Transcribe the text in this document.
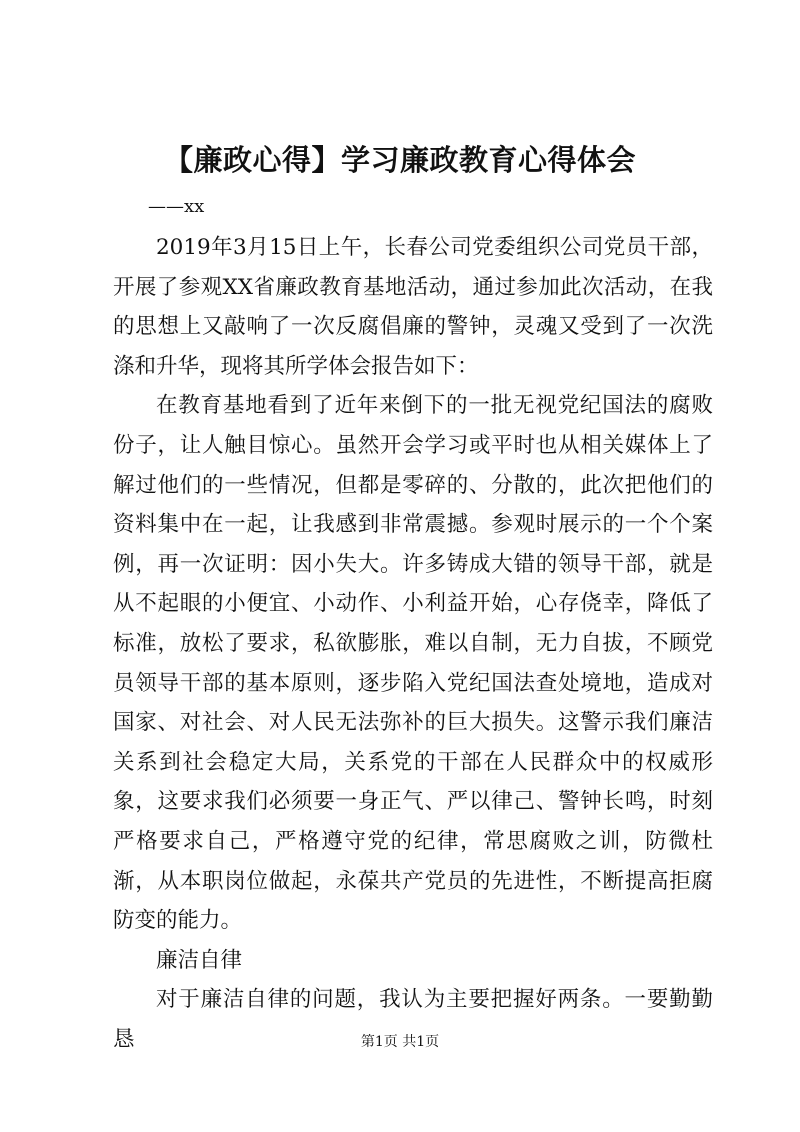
【廉政心得】学习廉政教育心得体会
——xx

2019年3月15日上午，长春公司党委组织公司党员干部，开展了参观XX省廉政教育基地活动，通过参加此次活动，在我的思想上又敲响了一次反腐倡廉的警钟，灵魂又受到了一次洗涤和升华，现将其所学体会报告如下：

在教育基地看到了近年来倒下的一批无视党纪国法的腐败份子，让人触目惊心。虽然开会学习或平时也从相关媒体上了解过他们的一些情况，但都是零碎的、分散的，此次把他们的资料集中在一起，让我感到非常震撼。参观时展示的一个个案例，再一次证明：因小失大。许多铸成大错的领导干部，就是从不起眼的小便宜、小动作、小利益开始，心存侥幸，降低了标准，放松了要求，私欲膨胀，难以自制，无力自拔，不顾党员领导干部的基本原则，逐步陷入党纪国法查处境地，造成对国家、对社会、对人民无法弥补的巨大损失。这警示我们廉洁关系到社会稳定大局，关系党的干部在人民群众中的权威形象，这要求我们必须要一身正气、严以律己、警钟长鸣，时刻严格要求自己，严格遵守党的纪律，常思腐败之训，防微杜渐，从本职岗位做起，永葆共产党员的先进性，不断提高拒腐防变的能力。

廉洁自律

对于廉洁自律的问题，我认为主要把握好两条。一要勤勤恳	第1页 共1页
